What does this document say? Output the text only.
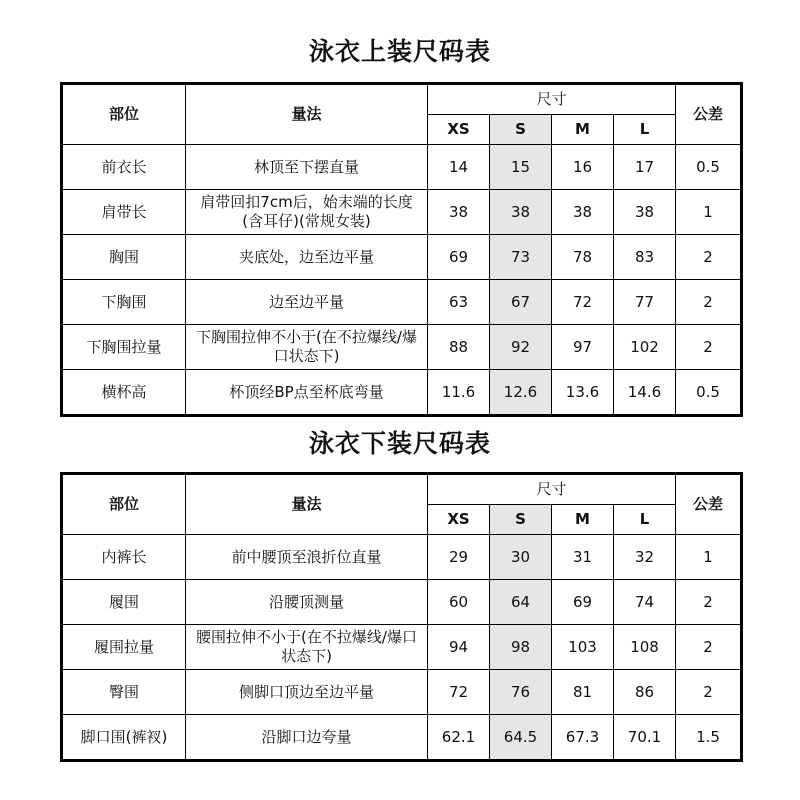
泳衣上装尺码表
部位	量法	尺寸				公差
		XS	S	M	L	
前衣长	林顶至下摆直量	14	15	16	17	0.5
肩带长	肩带回扣7cm后，始末端的长度(含耳仔)(常规女装)	38	38	38	38	1
胸围	夹底处，边至边平量	69	73	78	83	2
下胸围	边至边平量	63	67	72	77	2
下胸围拉量	下胸围拉伸不小于(在不拉爆线/爆口状态下)	88	92	97	102	2
横杯高	杯顶经BP点至杯底弯量	11.6	12.6	13.6	14.6	0.5
泳衣下装尺码表
部位	量法	尺寸				公差
		XS	S	M	L	
内裤长	前中腰顶至浪折位直量	29	30	31	32	1
履围	沿腰顶测量	60	64	69	74	2
履围拉量	腰围拉伸不小于(在不拉爆线/爆口状态下)	94	98	103	108	2
臀围	侧脚口顶边至边平量	72	76	81	86	2
脚口围(裤衩)	沿脚口边夸量	62.1	64.5	67.3	70.1	1.5
